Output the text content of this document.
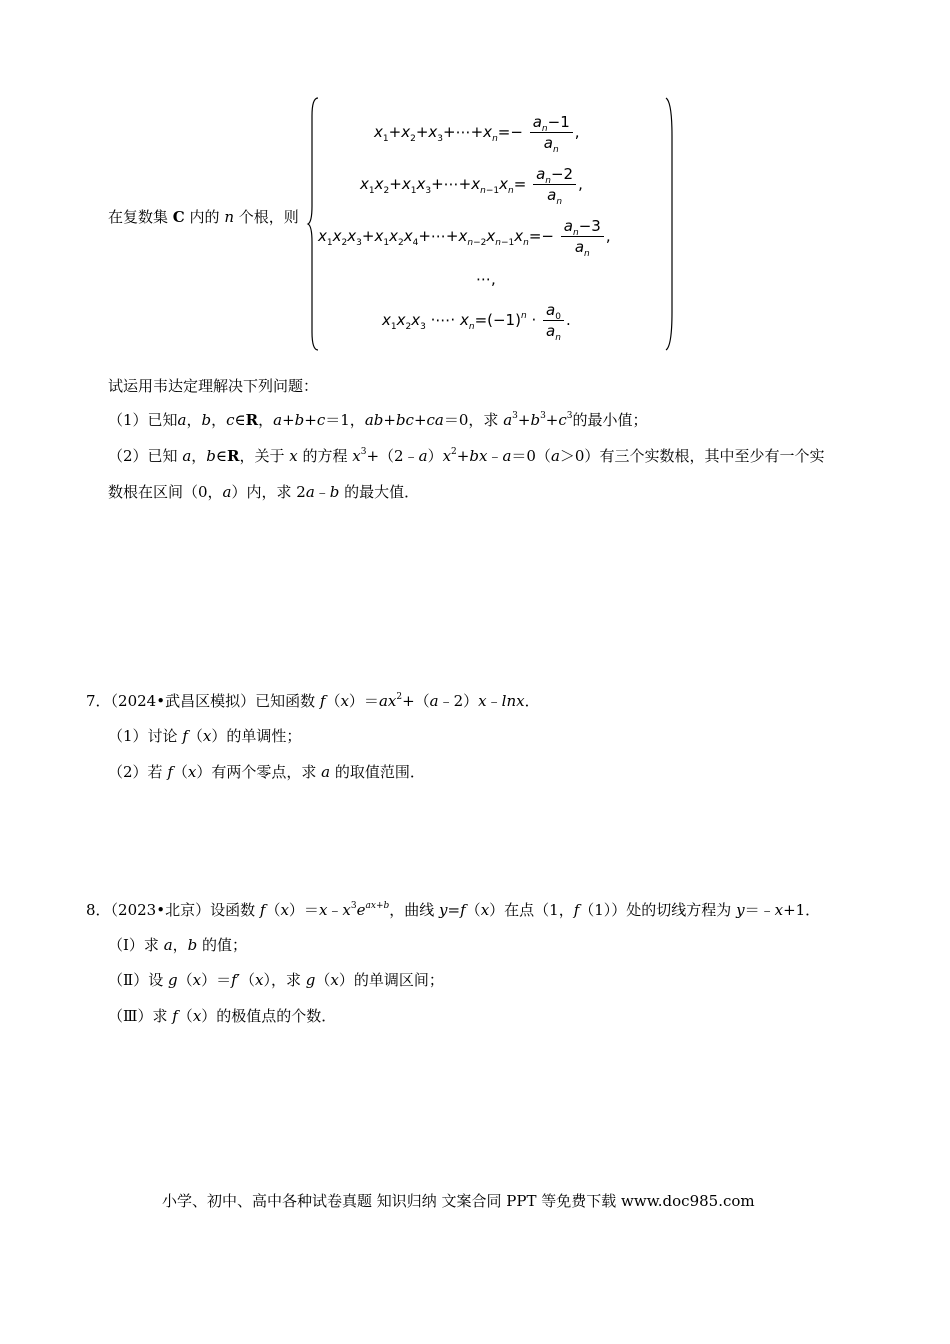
在复数集 C 内的 n 个根，则
$x_1+x_2+x_3+\cdots+x_n=- \frac{a_n-1}{a_n}$ ,
$x_1x_2+x_1x_3+\cdots+x_{n-1}x_n= \frac{a_n-2}{a_n}$ ,
$x_1x_2x_3+x_1x_2x_4+\cdots+x_{n-2}x_{n-1}x_n=- \frac{a_n-3}{a_n}$ ,
⋯,
$x_1x_2x_3$ ·⋯· $x_n=(-1)^n \cdot \frac{a_0}{a_n}$ .
试运用韦达定理解决下列问题：
（1）已知a，b，c∈R，a+b+c＝1，ab+bc+ca＝0，求 $a^3+b^3+c^3$的最小值；
（2）已知 a，b∈R，关于 x 的方程 $x^3+(2﹣a)x^2+bx﹣a=0(a>0)$有三个实数根，其中至少有一个实
数根在区间（0，a）内，求 2a﹣b 的最大值．
7．（2024•武昌区模拟）已知函数 $f(x)=ax^2+(a﹣2)x﹣\ln x$．
（1）讨论 f（x）的单调性；
（2）若 f（x）有两个零点，求 a 的取值范围．
8．（2023•北京）设函数 $f(x)=x﹣x^3e^{ax+b}$，曲线 y=f（x）在点（1，f（1））处的切线方程为 y＝﹣x+1．
（Ⅰ）求 a，b 的值；
（Ⅱ）设 g（x）＝f′（x），求 g（x）的单调区间；
（Ⅲ）求 f（x）的极值点的个数．
小学、初中、高中各种试卷真题 知识归纳 文案合同 PPT 等免费下载 www.doc985.com
